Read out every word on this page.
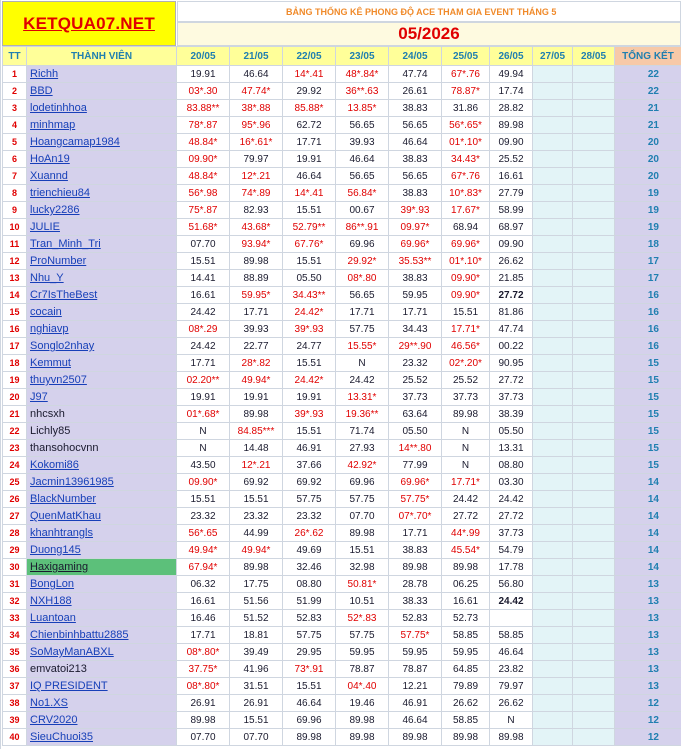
KETQUA07.NET
BẢNG THỐNG KÊ PHONG ĐỘ ACE THAM GIA EVENT THÁNG 5
05/2026
TT	THÀNH VIÊN	20/05	21/05	22/05	23/05	24/05	25/05	26/05	27/05	28/05	TỔNG KẾT
1	Richh	19.91	46.64	14*.41	48*.84*	47.74	67*.76	49.94			22
2	BBD	03*.30	47.74*	29.92	36**.63	26.61	78.87*	17.74			22
3	lodetinhhoa	83.88**	38*.88	85.88*	13.85*	38.83	31.86	28.82			21
4	minhmap	78*.87	95*.96	62.72	56.65	56.65	56*.65*	89.98			21
5	Hoangcamap1984	48.84*	16*.61*	17.71	39.93	46.64	01*.10*	09.90			20
6	HoAn19	09.90*	79.97	19.91	46.64	38.83	34.43*	25.52			20
7	Xuannd	48.84*	12*.21	46.64	56.65	56.65	67*.76	16.61			20
8	trienchieu84	56*.98	74*.89	14*.41	56.84*	38.83	10*.83*	27.79			19
9	lucky2286	75*.87	82.93	15.51	00.67	39*.93	17.67*	58.99			19
10	JULIE	51.68*	43.68*	52.79**	86**.91	09.97*	68.94	68.97			19
11	Tran_Minh_Tri	07.70	93.94*	67.76*	69.96	69.96*	69.96*	09.90			18
12	ProNumber	15.51	89.98	15.51	29.92*	35.53**	01*.10*	26.62			17
13	Nhu_Y	14.41	88.89	05.50	08*.80	38.83	09.90*	21.85			17
14	Cr7IsTheBest	16.61	59.95*	34.43**	56.65	59.95	09.90*	27.72			16
15	cocain	24.42	17.71	24.42*	17.71	17.71	15.51	81.86			16
16	nghiavp	08*.29	39.93	39*.93	57.75	34.43	17.71*	47.74			16
17	Songlo2nhay	24.42	22.77	24.77	15.55*	29**.90	46.56*	00.22			16
18	Kemmut	17.71	28*.82	15.51	N	23.32	02*.20*	90.95			15
19	thuyvn2507	02.20**	49.94*	24.42*	24.42	25.52	25.52	27.72			15
20	J97	19.91	19.91	19.91	13.31*	37.73	37.73	37.73			15
21	nhcsxh	01*.68*	89.98	39*.93	19.36**	63.64	89.98	38.39			15
22	Lichly85	N	84.85***	15.51	71.74	05.50	N	05.50			15
23	thansohocvnn	N	14.48	46.91	27.93	14**.80	N	13.31			15
24	Kokomi86	43.50	12*.21	37.66	42.92*	77.99	N	08.80			15
25	Jacmin13961985	09.90*	69.92	69.92	69.96	69.96*	17.71*	03.30			14
26	BlackNumber	15.51	15.51	57.75	57.75	57.75*	24.42	24.42			14
27	QuenMatKhau	23.32	23.32	23.32	07.70	07*.70*	27.72	27.72			14
28	khanhtrangls	56*.65	44.99	26*.62	89.98	17.71	44*.99	37.73			14
29	Duong145	49.94*	49.94*	49.69	15.51	38.83	45.54*	54.79			14
30	Haxigaming	67.94*	89.98	32.46	32.98	89.98	89.98	17.78			14
31	BongLon	06.32	17.75	08.80	50.81*	28.78	06.25	56.80			13
32	NXH188	16.61	51.56	51.99	10.51	38.33	16.61	24.42			13
33	Luantoan	16.46	51.52	52.83	52*.83	52.83	52.73				13
34	Chienbinhbattu2885	17.71	18.81	57.75	57.75	57.75*	58.85	58.85			13
35	SoMayManABXL	08*.80*	39.49	29.95	59.95	59.95	59.95	46.64			13
36	emvatoi213	37.75*	41.96	73*.91	78.87	78.87	64.85	23.82			13
37	IQ PRESIDENT	08*.80*	31.51	15.51	04*.40	12.21	79.89	79.97			13
38	No1.XS	26.91	26.91	46.64	19.46	46.91	26.62	26.62			12
39	CRV2020	89.98	15.51	69.96	89.98	46.64	58.85	N			12
40	SieuChuoi35	07.70	07.70	89.98	89.98	89.98	89.98	89.98			12
